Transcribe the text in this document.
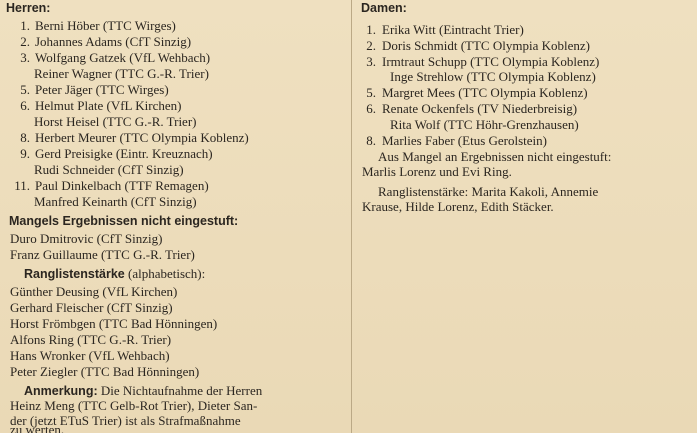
Herren:
1. Berni Höber (TTC Wirges)
2. Johannes Adams (CfT Sinzig)
3. Wolfgang Gatzek (VfL Wehbach)
Reiner Wagner (TTC G.-R. Trier)
5. Peter Jäger (TTC Wirges)
6. Helmut Plate (VfL Kirchen)
Horst Heisel (TTC G.-R. Trier)
8. Herbert Meurer (TTC Olympia Koblenz)
9. Gerd Preisigke (Eintr. Kreuznach)
Rudi Schneider (CfT Sinzig)
11. Paul Dinkelbach (TTF Remagen)
Manfred Keinarth (CfT Sinzig)
Mangels Ergebnissen nicht eingestuft:
Duro Dmitrovic (CfT Sinzig)
Franz Guillaume (TTC G.-R. Trier)
Ranglistenstärke (alphabetisch):
Günther Deusing (VfL Kirchen)
Gerhard Fleischer (CfT Sinzig)
Horst Frömbgen (TTC Bad Hönningen)
Alfons Ring (TTC G.-R. Trier)
Hans Wronker (VfL Wehbach)
Peter Ziegler (TTC Bad Hönningen)
Anmerkung: Die Nichtaufnahme der Herren
Heinz Meng (TTC Gelb-Rot Trier), Dieter San-
der (jetzt ETuS Trier) ist als Strafmaßnahme
Damen:
1. Erika Witt (Eintracht Trier)
2. Doris Schmidt (TTC Olympia Koblenz)
3. Irmtraut Schupp (TTC Olympia Koblenz)
Inge Strehlow (TTC Olympia Koblenz)
5. Margret Mees (TTC Olympia Koblenz)
6. Renate Ockenfels (TV Niederbreisig)
Rita Wolf (TTC Höhr-Grenzhausen)
8. Marlies Faber (Etus Gerolstein)
Aus Mangel an Ergebnissen nicht eingestuft:
Marlis Lorenz und Evi Ring.
Ranglistenstärke: Marita Kakoli, Annemie
Krause, Hilde Lorenz, Edith Stäcker.
